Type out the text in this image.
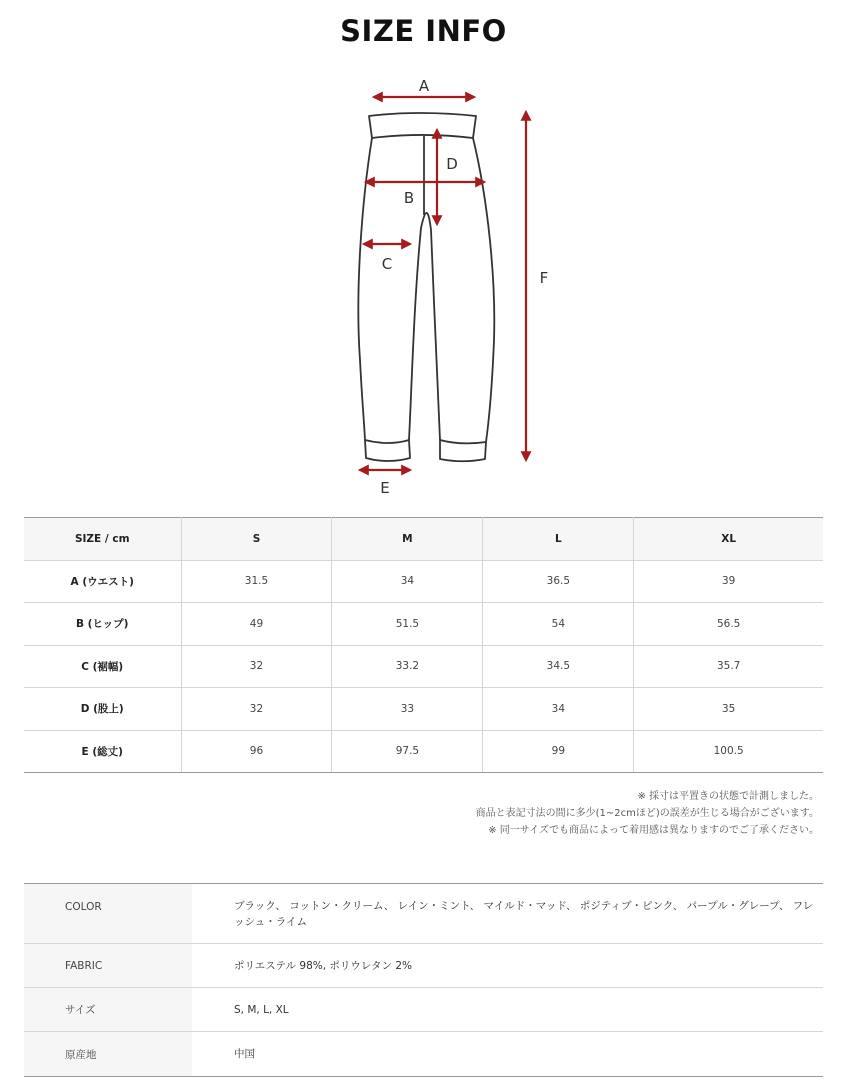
SIZE INFO
A
B
D
C
E
F
SIZE / cm	S	M	L	XL
A (ウエスト)	31.5	34	36.5	39
B (ヒップ)	49	51.5	54	56.5
C (裾幅)	32	33.2	34.5	35.7
D (股上)	32	33	34	35
E (総丈)	96	97.5	99	100.5
※ 採寸は平置きの状態で計測しました。
商品と表記寸法の間に多少(1~2cmほど)の誤差が生じる場合がございます。
※ 同一サイズでも商品によって着用感は異なりますのでご了承ください。
COLOR	ブラック、 コットン・クリーム、 レイン・ミント、 マイルド・マッド、 ポジティブ・ピンク、 パープル・グレープ、 フレッシュ・ライム
FABRIC	ポリエステル 98%, ポリウレタン 2%
サイズ	S, M, L, XL
原産地	中国
